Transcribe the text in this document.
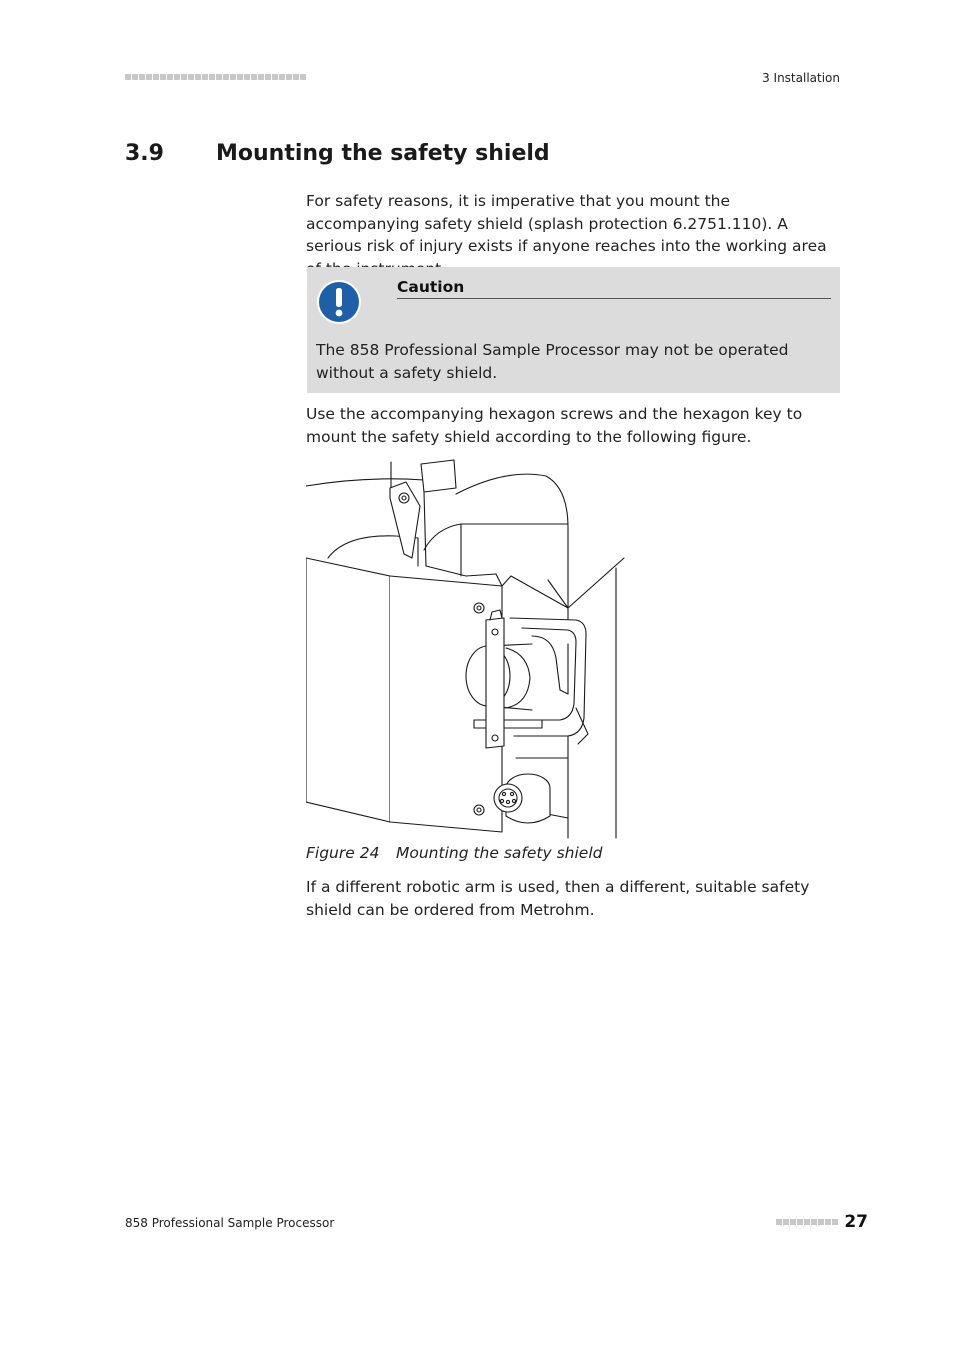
3 Installation
3.9 Mounting the safety shield

For safety reasons, it is imperative that you mount the accompanying safety shield (splash protection 6.2751.110). A serious risk of injury exists if anyone reaches into the working area

Caution

The 858 Professional Sample Processor may not be operated without a safety shield.

Use the accompanying hexagon screws and the hexagon key to mount the safety shield according to the following figure.

Figure 24 Mounting the safety shield

If a different robotic arm is used, then a different, suitable safety shield can be ordered from Metrohm.

858 Professional Sample Processor	27
